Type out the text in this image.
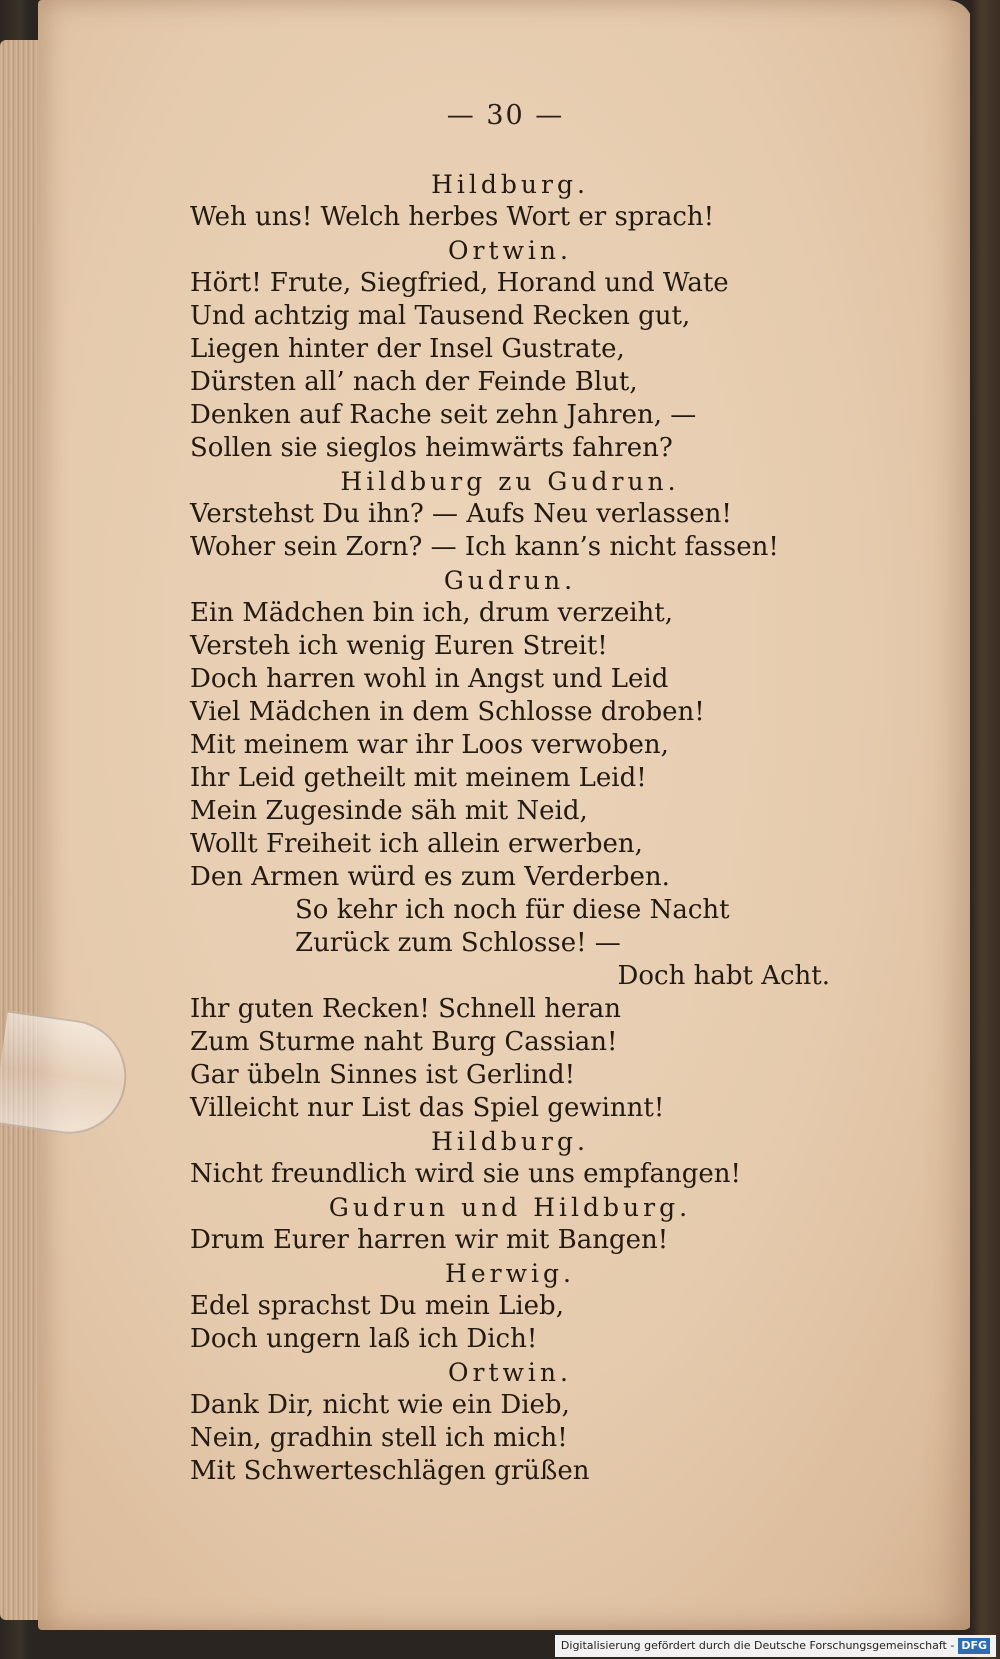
— 30 —
Hildburg.
Weh uns! Welch herbes Wort er sprach!
Ortwin.
Hört! Frute, Siegfried, Horand und Wate
Und achtzig mal Tausend Recken gut,
Liegen hinter der Insel Gustrate,
Dürsten all’ nach der Feinde Blut,
Denken auf Rache seit zehn Jahren, —
Sollen sie sieglos heimwärts fahren?
Hildburg zu Gudrun.
Verstehst Du ihn? — Aufs Neu verlassen!
Woher sein Zorn? — Ich kann’s nicht fassen!
Gudrun.
Ein Mädchen bin ich, drum verzeiht,
Versteh ich wenig Euren Streit!
Doch harren wohl in Angst und Leid
Viel Mädchen in dem Schlosse droben!
Mit meinem war ihr Loos verwoben,
Ihr Leid getheilt mit meinem Leid!
Mein Zugesinde säh mit Neid,
Wollt Freiheit ich allein erwerben,
Den Armen würd es zum Verderben.
So kehr ich noch für diese Nacht
Zurück zum Schlosse! —
Doch habt Acht.
Ihr guten Recken! Schnell heran
Zum Sturme naht Burg Cassian!
Gar übeln Sinnes ist Gerlind!
Villeicht nur List das Spiel gewinnt!
Hildburg.
Nicht freundlich wird sie uns empfangen!
Gudrun und Hildburg.
Drum Eurer harren wir mit Bangen!
Herwig.
Edel sprachst Du mein Lieb,
Doch ungern laß ich Dich!
Ortwin.
Dank Dir, nicht wie ein Dieb,
Nein, gradhin stell ich mich!
Mit Schwerteschlägen grüßen
Digitalisierung gefördert durch die Deutsche Forschungsgemeinschaft - DFG
